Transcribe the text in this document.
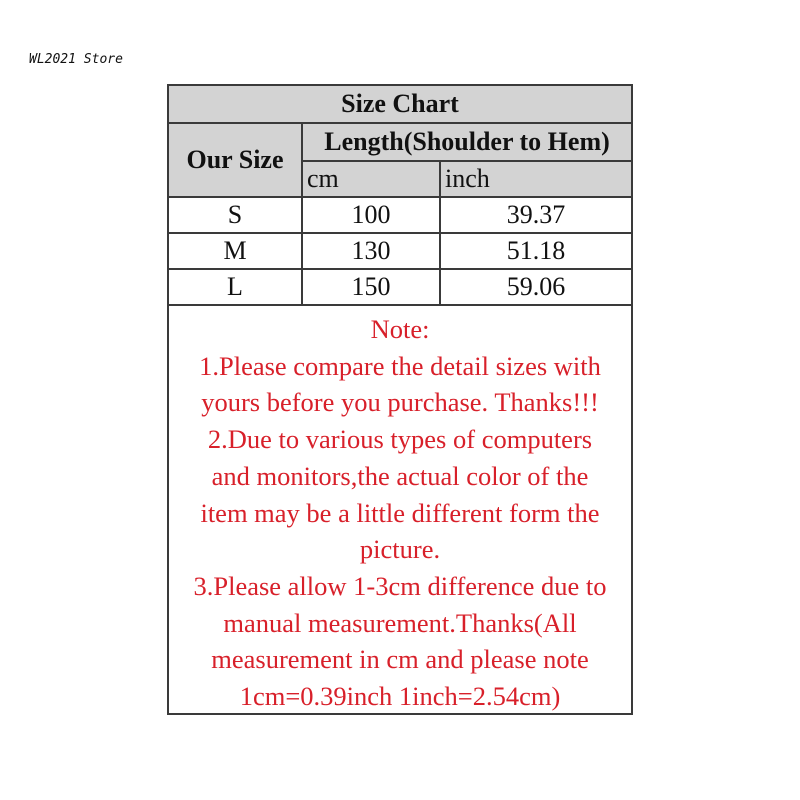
WL2021 Store
Size Chart		
Our Size	Length(Shoulder to Hem)	
	cm	inch
S	100	39.37
M	130	51.18
L	150	59.06
Note:
1.Please compare the detail sizes with
yours before you purchase. Thanks!!!
2.Due to various types of computers
and monitors,the actual color of the
item may be a little different form the
picture.
3.Please allow 1-3cm difference due to
manual measurement.Thanks(All
measurement in cm and please note
1cm=0.39inch 1inch=2.54cm)
